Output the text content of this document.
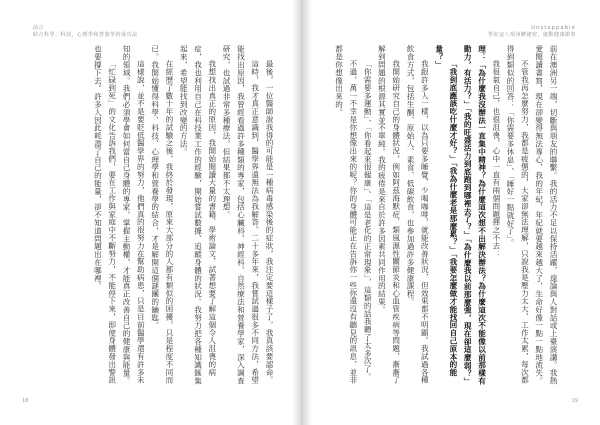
前言
結合科學、科技、心理學和營養學的成功法

最後，一位醫師說我得的可能是一種病毒感染後的症狀，我注定要這樣子了，我真該要認命。

這時，我才真正意識到，醫學界還無法為我解答。二十多年來，我嘗試過很多不同方法，希望能找出原因，我曾經看過許多種類的專家，包括心臟科、神經科、自然療法和營養學家，深入調查研究，也試過非常多種療法，但結果都不太理想。

我想找出真正的原因，我開始閱讀大量的書籍、學術論文，試著想要了解這個令人沮喪的病症，我也利用自己在科技業工作的經驗，開始嘗試數據、追蹤身體的狀況。我努力把各種知識匯集起來，希望能找到改變的方法。

在經歷了數十年的試驗之後，我終於發現，原來大部分的人都有類似的困擾，只是程度不同而已。我開始懂得科學、科技、心理學和營養學的結合，才是解開這個謎團的鑰匙。

這樣說，並不是要貶低醫學界的努力，他們真的很努力在幫助病患，只是目前醫學還有許多未知的領域。我們必須學會如何當自己身體的專家，掌握主動權，才能真正改善自己的健康與能量。

「忙碌到死」的文化告訴我們，要在工作與家庭中不斷努力，不能停下來，即使身體發出警訊也要撐下去。許多人因此耗盡了自己的能量，卻不知道問題出在哪裡。

18
Unstoppable
學好這八項身體祕密，啟動健康節奏
19

前在澳洲另一端，切斷與朋友的聯繫。我的活力不足以保持活躍，遑論與人對話或上臺演講。我熱愛閱讀書寫，現在卻變得無法專心，我的年紀，年紀就要越來越大了，生命好像一點一點地流失。

不管我再怎麼努力，我都是疲憊的，大家卻無法理解，只說我是壓力太大、工作太累，每次都得到類似的回答：「你需要多休息」、「睡好一點就好了」。

我很氣自己，也很沮喪，心中一直有兩個問題揮之不去：

理：「為什麼我沒辦法一直集中精神？為什麼這次想不出解決辦法？為什麼這次不能像以前那樣有動力，有活力？」「我的旺盛活力到底跑到哪裡去了？」「為什麼我以前那麼強，現在卻這麼弱？」

「我到底應該吃什麼才好？」「我為什麼老是那麼累？」「我要怎麼做才能找回自己原本的能量？」

我跟許多人一樣，以為只要多睡覺、少喝咖啡，就能改善狀況，但效果都不明顯。我試過各種飲食方式，包括生酮、原始人、素食、低碳飲食，也參加過許多健康課程。

我開始研究自己的身體狀況，例如阿茲海默症、類風濕性關節炎和心血管疾病等問題，漸漸了解到問題的根源其實並不單純。我的疲倦是來自於許多因素共同作用的結果。

「你需要多運動」、「你看起來很健康」、「這是老化的正常現象」，這類的話我聽了太多次了。

不過，萬一不幸是你想像出來的呢？你的身體可能正在告訴你一些你還沒有聽見的訊息，並非都是你想像出來的。
